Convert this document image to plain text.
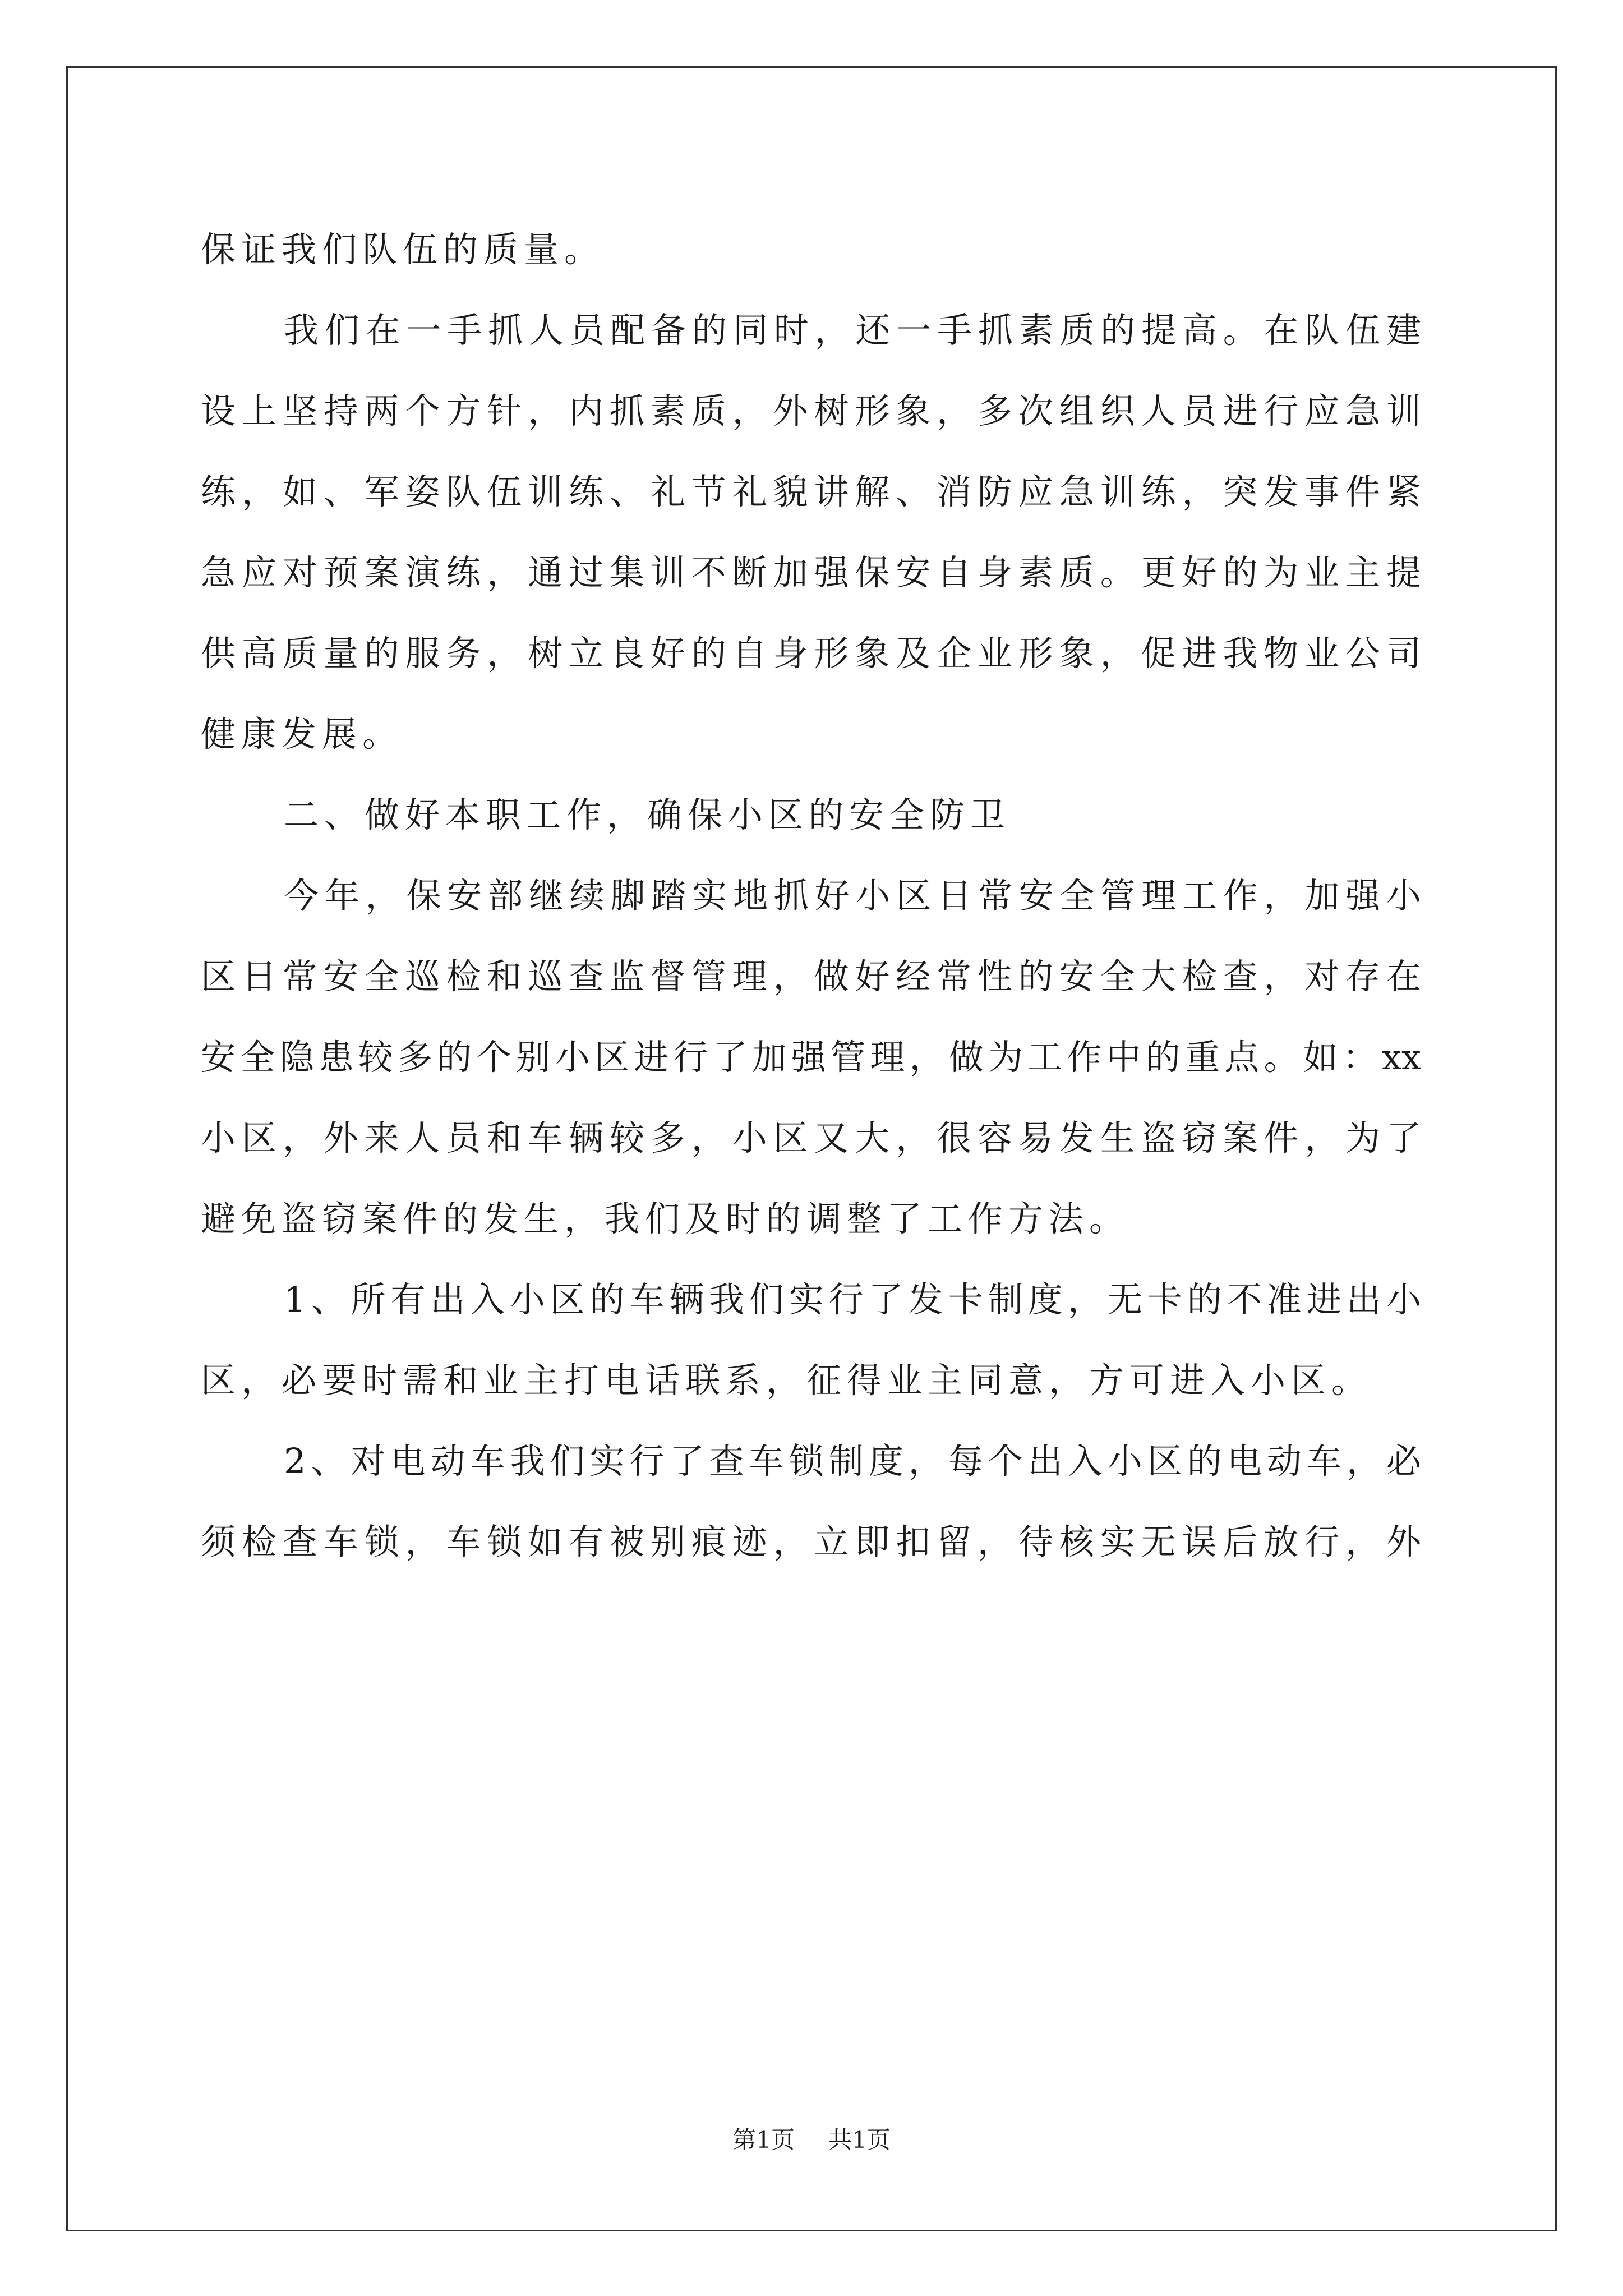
保证我们队伍的质量。
我们在一手抓人员配备的同时，还一手抓素质的提高。在队伍建
设上坚持两个方针，内抓素质，外树形象，多次组织人员进行应急训
练，如、军姿队伍训练、礼节礼貌讲解、消防应急训练，突发事件紧
急应对预案演练，通过集训不断加强保安自身素质。更好的为业主提
供高质量的服务，树立良好的自身形象及企业形象，促进我物业公司
健康发展。
二、做好本职工作，确保小区的安全防卫
今年，保安部继续脚踏实地抓好小区日常安全管理工作，加强小
区日常安全巡检和巡查监督管理，做好经常性的安全大检查，对存在
安全隐患较多的个别小区进行了加强管理，做为工作中的重点。如：xx
小区，外来人员和车辆较多，小区又大，很容易发生盗窃案件，为了
避免盗窃案件的发生，我们及时的调整了工作方法。
1、所有出入小区的车辆我们实行了发卡制度，无卡的不准进出小
区，必要时需和业主打电话联系，征得业主同意，方可进入小区。
2、对电动车我们实行了查车锁制度，每个出入小区的电动车，必
须检查车锁，车锁如有被别痕迹，立即扣留，待核实无误后放行，外
第1页 共1页
